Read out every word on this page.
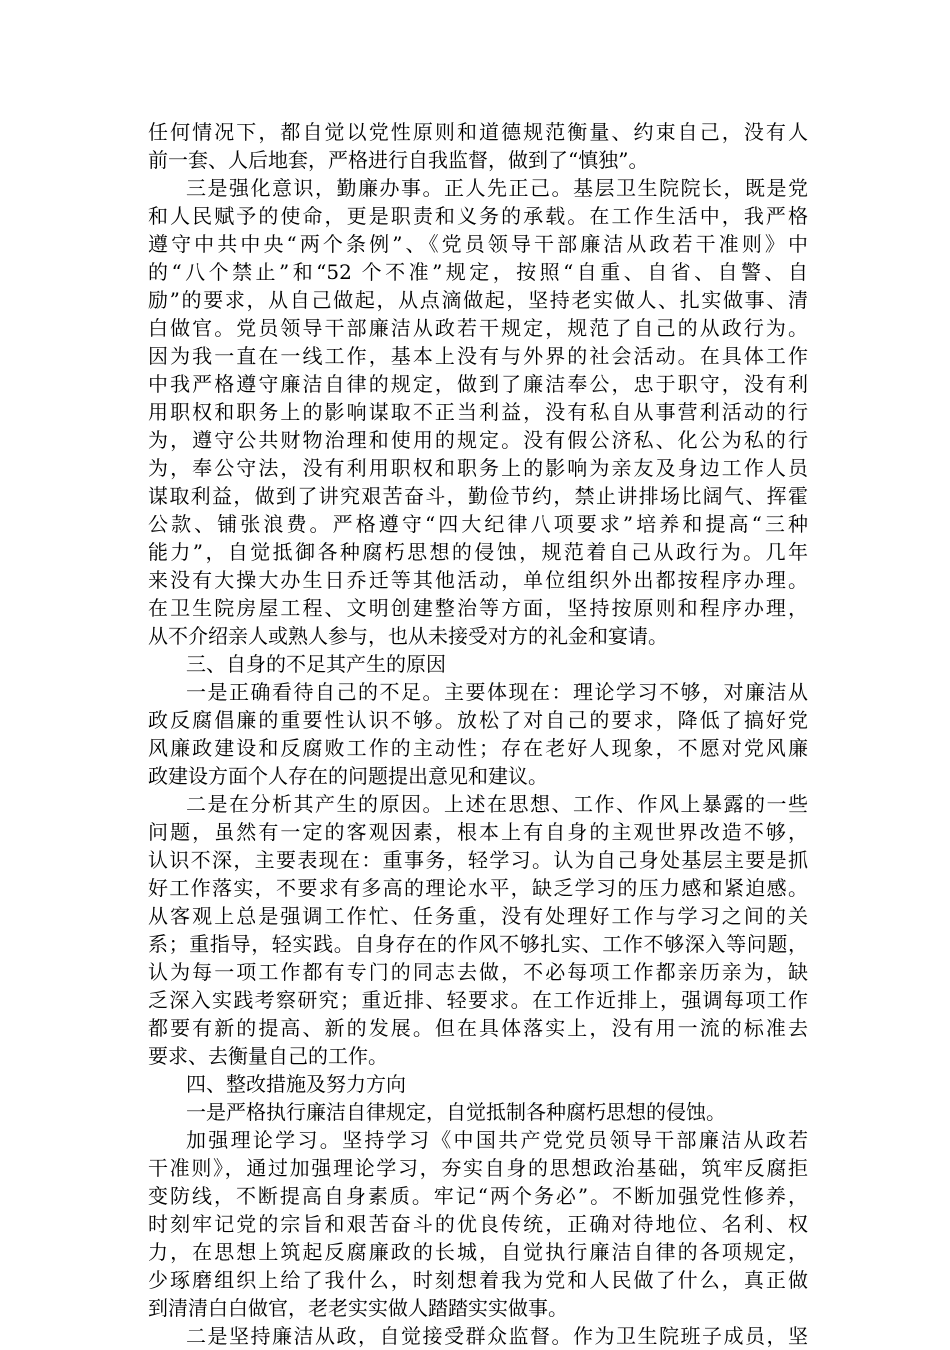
任何情况下，都自觉以党性原则和道德规范衡量、约束自己，没有人
前一套、人后地套，严格进行自我监督，做到了“慎独”。
三是强化意识，勤廉办事。正人先正己。基层卫生院院长，既是党
和人民赋予的使命，更是职责和义务的承载。在工作生活中，我严格
遵守中共中央“两个条例”、《党员领导干部廉洁从政若干准则》中
的“八个禁止”和“52 个不准”规定，按照“自重、自省、自警、自
励”的要求，从自己做起，从点滴做起，坚持老实做人、扎实做事、清
白做官。党员领导干部廉洁从政若干规定，规范了自己的从政行为。
因为我一直在一线工作，基本上没有与外界的社会活动。在具体工作
中我严格遵守廉洁自律的规定，做到了廉洁奉公，忠于职守，没有利
用职权和职务上的影响谋取不正当利益，没有私自从事营利活动的行
为，遵守公共财物治理和使用的规定。没有假公济私、化公为私的行
为，奉公守法，没有利用职权和职务上的影响为亲友及身边工作人员
谋取利益，做到了讲究艰苦奋斗，勤俭节约，禁止讲排场比阔气、挥霍
公款、铺张浪费。严格遵守“四大纪律八项要求”培养和提高“三种
能力”，自觉抵御各种腐朽思想的侵蚀，规范着自己从政行为。几年
来没有大操大办生日乔迁等其他活动，单位组织外出都按程序办理。
在卫生院房屋工程、文明创建整治等方面，坚持按原则和程序办理，
从不介绍亲人或熟人参与，也从未接受对方的礼金和宴请。
三、自身的不足其产生的原因
一是正确看待自己的不足。主要体现在：理论学习不够，对廉洁从
政反腐倡廉的重要性认识不够。放松了对自己的要求，降低了搞好党
风廉政建设和反腐败工作的主动性；存在老好人现象，不愿对党风廉
政建设方面个人存在的问题提出意见和建议。
二是在分析其产生的原因。上述在思想、工作、作风上暴露的一些
问题，虽然有一定的客观因素，根本上有自身的主观世界改造不够，
认识不深，主要表现在：重事务，轻学习。认为自己身处基层主要是抓
好工作落实，不要求有多高的理论水平，缺乏学习的压力感和紧迫感。
从客观上总是强调工作忙、任务重，没有处理好工作与学习之间的关
系；重指导，轻实践。自身存在的作风不够扎实、工作不够深入等问题，
认为每一项工作都有专门的同志去做，不必每项工作都亲历亲为，缺
乏深入实践考察研究；重近排、轻要求。在工作近排上，强调每项工作
都要有新的提高、新的发展。但在具体落实上，没有用一流的标准去
要求、去衡量自己的工作。
四、整改措施及努力方向
一是严格执行廉洁自律规定，自觉抵制各种腐朽思想的侵蚀。
加强理论学习。坚持学习《中国共产党党员领导干部廉洁从政若
干准则》，通过加强理论学习，夯实自身的思想政治基础，筑牢反腐拒
变防线，不断提高自身素质。牢记“两个务必”。不断加强党性修养，
时刻牢记党的宗旨和艰苦奋斗的优良传统，正确对待地位、名利、权
力，在思想上筑起反腐廉政的长城，自觉执行廉洁自律的各项规定，
少琢磨组织上给了我什么，时刻想着我为党和人民做了什么，真正做
到清清白白做官，老老实实做人踏踏实实做事。
二是坚持廉洁从政，自觉接受群众监督。作为卫生院班子成员，坚
